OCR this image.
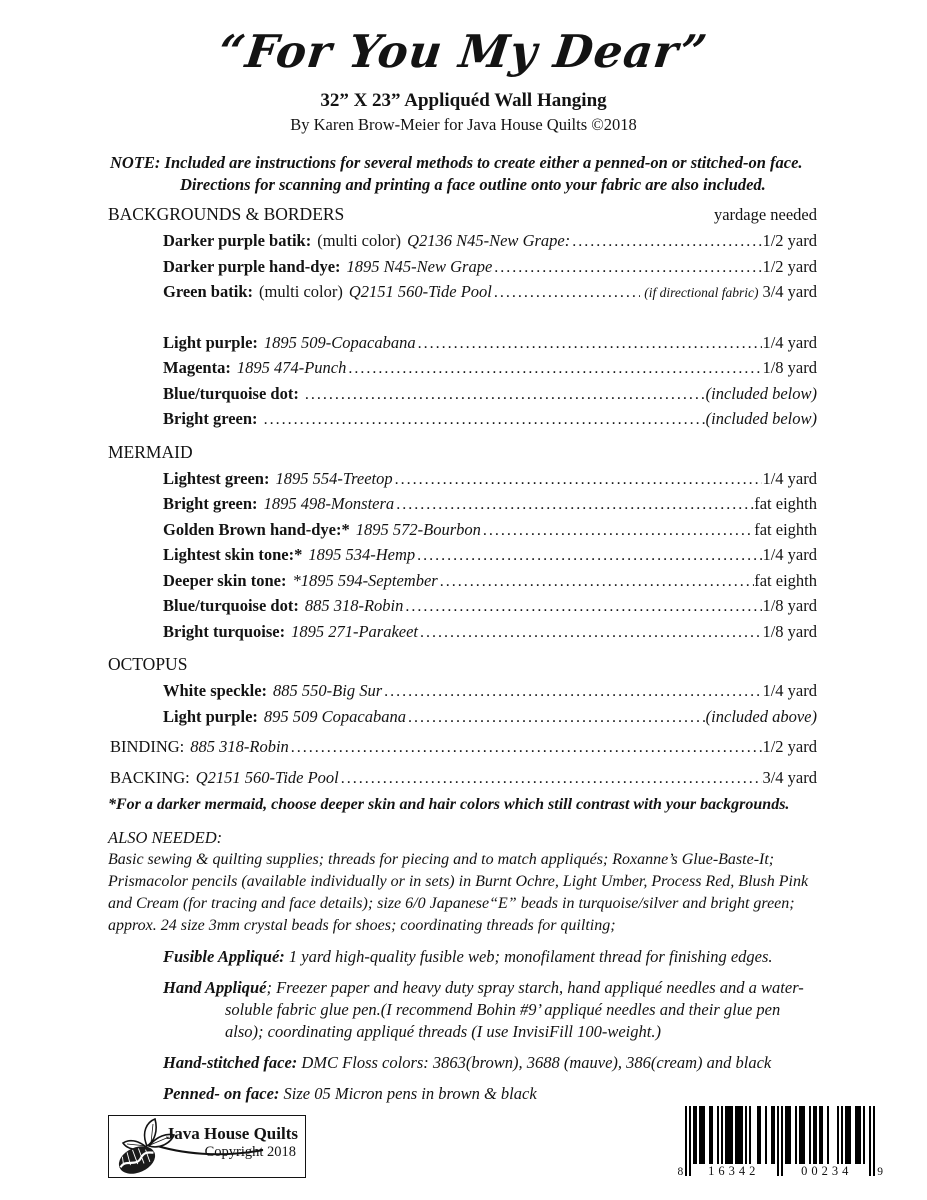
“For You My Dear”
32” X 23” Appliquéd Wall Hanging
By Karen Brow-Meier for Java House Quilts ©2018

NOTE: Included are instructions for several methods to create either a penned-on or stitched-on face.
Directions for scanning and printing a face outline onto your fabric are also included.

BACKGROUNDS & BORDERS	yardage needed
Darker purple batik: (multi color) Q2136 N45-New Grape: .....	1/2 yard
Darker purple hand-dye: 1895 N45-New Grape .....	1/2 yard
Green batik: (multi color) Q2151 560-Tide Pool .....	(if directional fabric) 3/4 yard
Light purple: 1895 509-Copacabana .....	1/4 yard
Magenta: 1895 474-Punch .....	1/8 yard
Blue/turquoise dot: .....	(included below)
Bright green: .....	(included below)
MERMAID
Lightest green: 1895 554-Treetop .....	1/4 yard
Bright green: 1895 498-Monstera .....	fat eighth
Golden Brown hand-dye:* 1895 572-Bourbon .....	fat eighth
Lightest skin tone:* 1895 534-Hemp .....	1/4 yard
Deeper skin tone: *1895 594-September .....	fat eighth
Blue/turquoise dot: 885 318-Robin .....	1/8 yard
Bright turquoise: 1895 271-Parakeet .....	1/8 yard
OCTOPUS
White speckle: 885 550-Big Sur .....	1/4 yard
Light purple: 895 509 Copacabana .....	(included above)
BINDING: 885 318-Robin .....	1/2 yard
BACKING: Q2151 560-Tide Pool .....	3/4 yard
*For a darker mermaid, choose deeper skin and hair colors which still contrast with your backgrounds.
ALSO NEEDED:
Basic sewing & quilting supplies; threads for piecing and to match appliqués; Roxanne’s Glue-Baste-It; Prismacolor pencils (available individually or in sets) in Burnt Ochre, Light Umber, Process Red, Blush Pink and Cream (for tracing and face details); size 6/0 Japanese“E” beads in turquoise/silver and bright green; approx. 24 size 3mm crystal beads for shoes; coordinating threads for quilting;
Fusible Appliqué: 1 yard high-quality fusible web; monofilament thread for finishing edges.
Hand Appliqué; Freezer paper and heavy duty spray starch, hand appliqué needles and a water-soluble fabric glue pen.(I recommend Bohin #9’ appliqué needles and their glue pen also); coordinating appliqué threads (I use InvisiFill 100-weight.)
Hand-stitched face: DMC Floss colors: 3863(brown), 3688 (mauve), 386(cream) and black
Penned- on face: Size 05 Micron pens in brown & black
Java House Quilts
Copyright 2018
8	16342	00234	9
